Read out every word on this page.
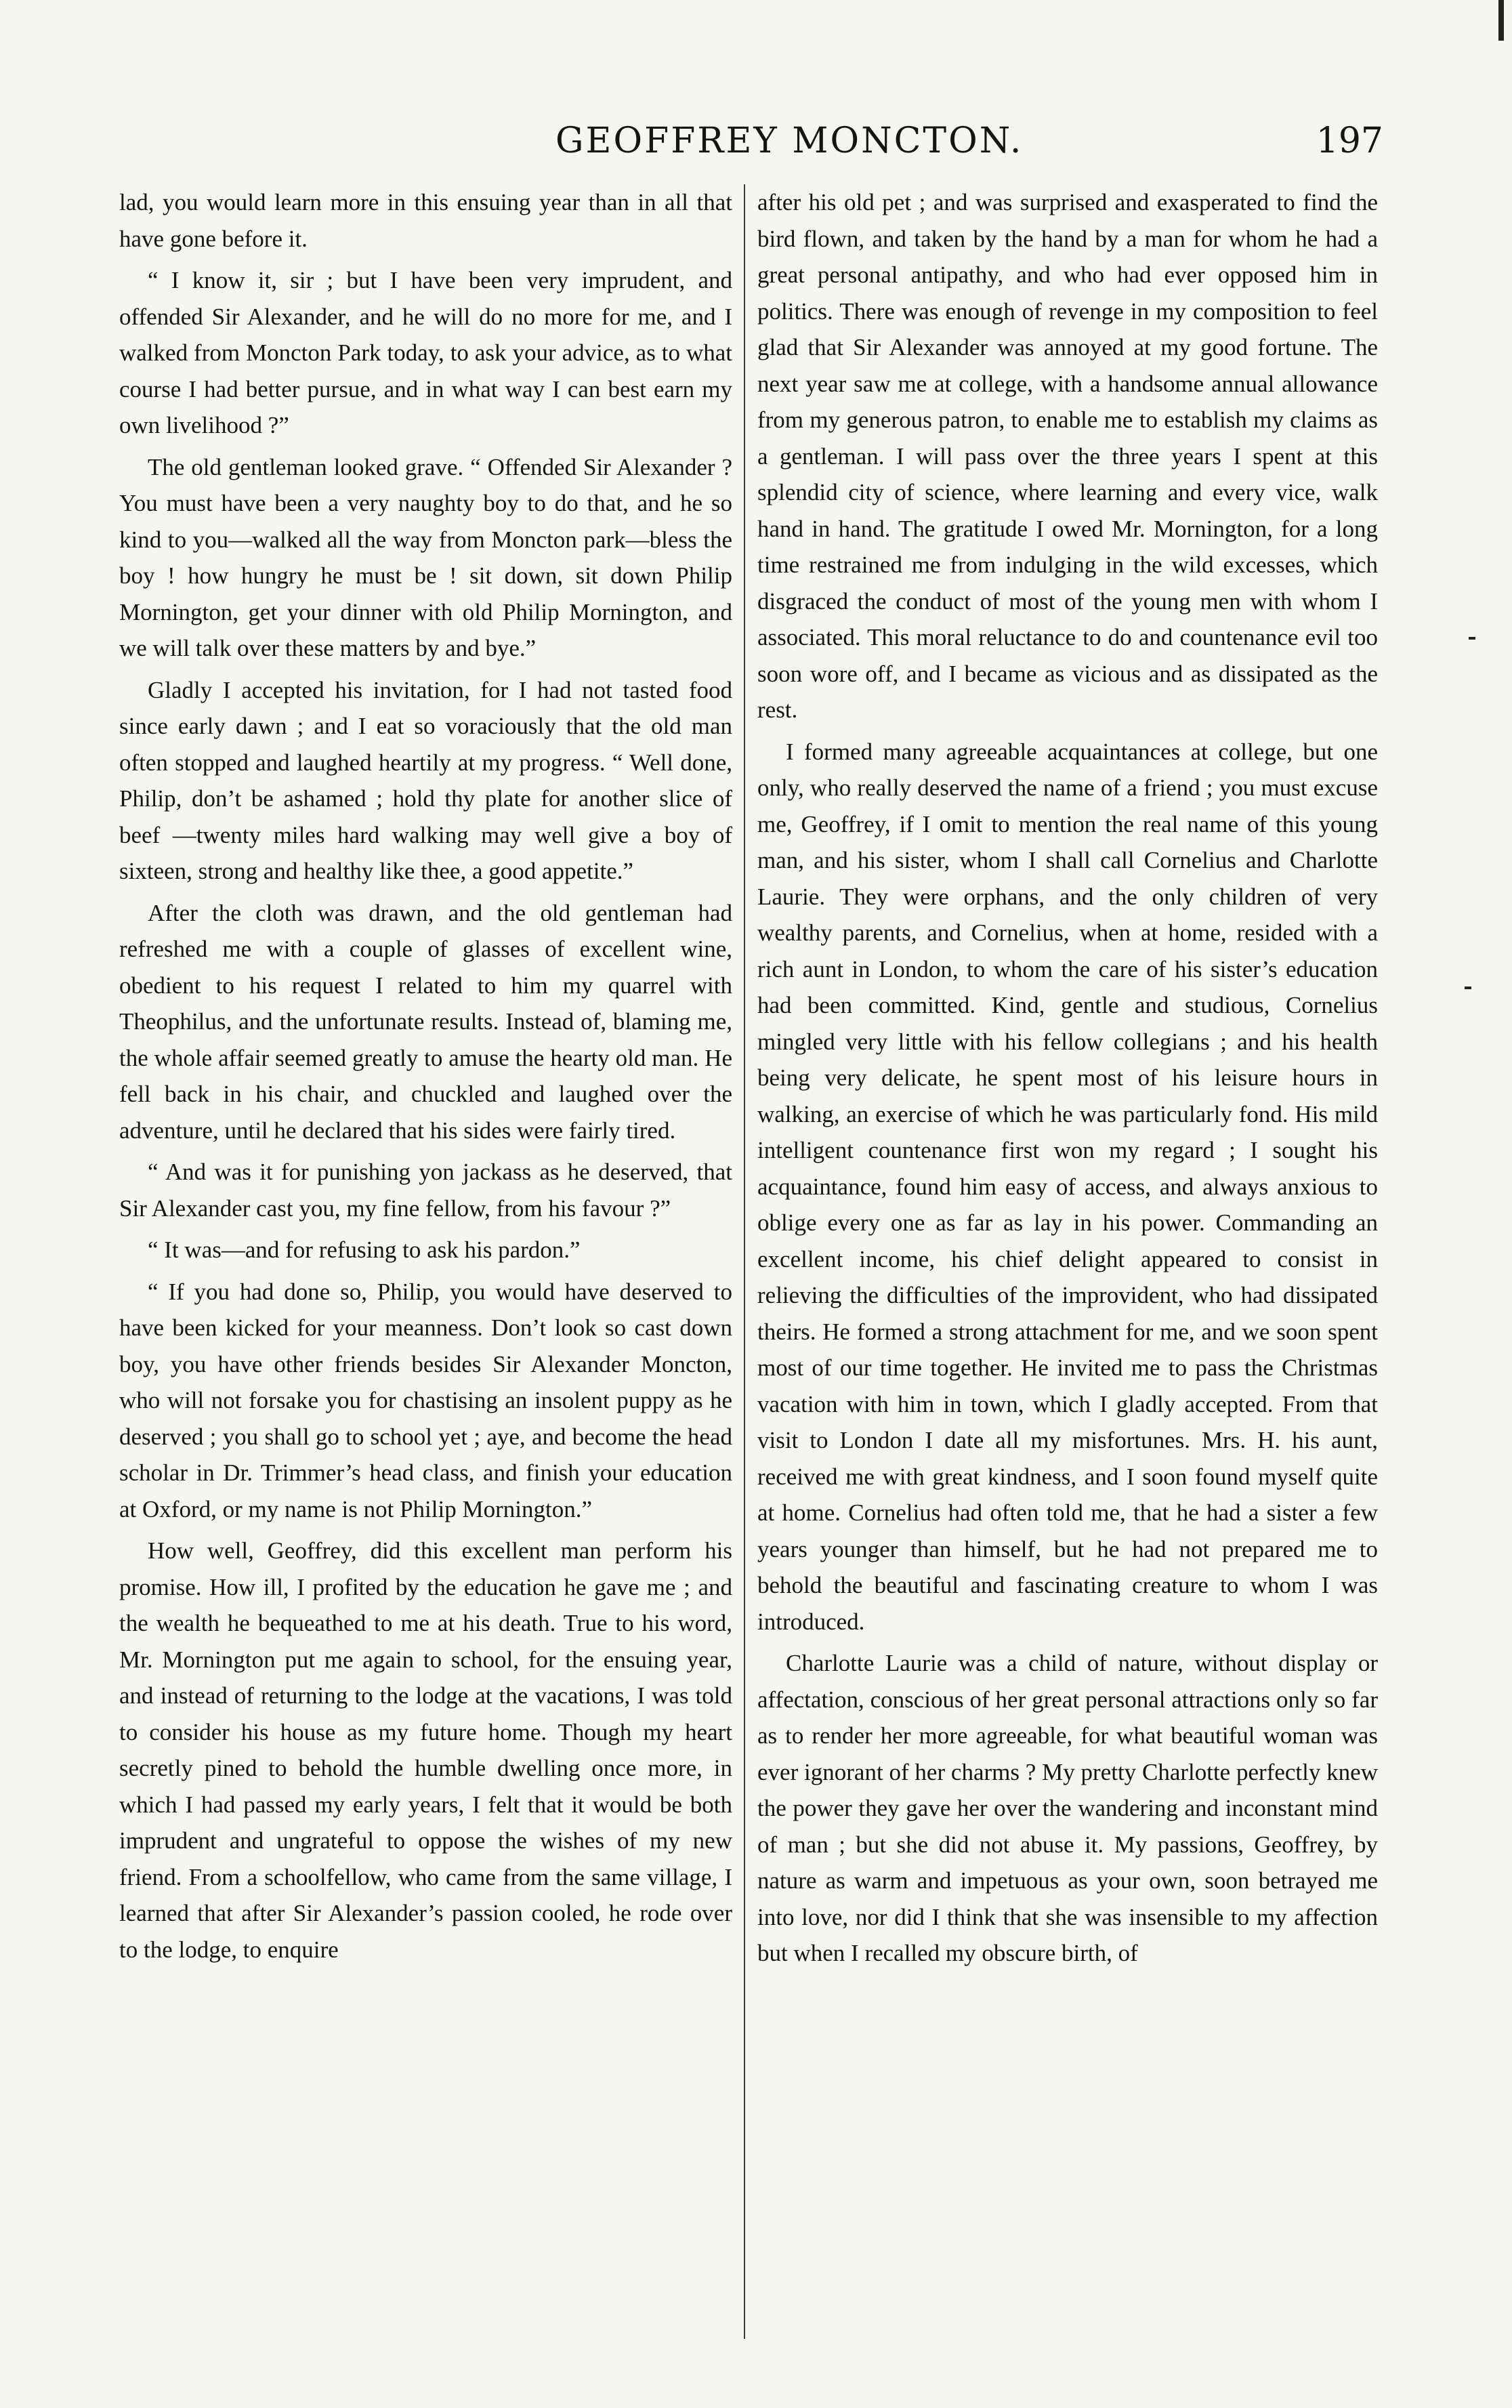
GEOFFREY MONCTON.	197

lad, you would learn more in this ensuing year than in all that have gone before it.

“ I know it, sir ; but I have been very imprudent, and offended Sir Alexander, and he will do no more for me, and I walked from Moncton Park today, to ask your advice, as to what course I had better pursue, and in what way I can best earn my own livelihood ?”

The old gentleman looked grave. “ Offended Sir Alexander ? You must have been a very naughty boy to do that, and he so kind to you—walked all the way from Moncton park—bless the boy ! how hungry he must be ! sit down, sit down Philip Mornington, get your dinner with old Philip Mornington, and we will talk over these matters by and bye.”

Gladly I accepted his invitation, for I had not tasted food since early dawn ; and I eat so voraciously that the old man often stopped and laughed heartily at my progress. “ Well done, Philip, don’t be ashamed ; hold thy plate for another slice of beef —twenty miles hard walking may well give a boy of sixteen, strong and healthy like thee, a good appetite.”

After the cloth was drawn, and the old gentleman had refreshed me with a couple of glasses of excellent wine, obedient to his request I related to him my quarrel with Theophilus, and the unfortunate results. Instead of, blaming me, the whole affair seemed greatly to amuse the hearty old man. He fell back in his chair, and chuckled and laughed over the adventure, until he declared that his sides were fairly tired.

“ And was it for punishing yon jackass as he deserved, that Sir Alexander cast you, my fine fellow, from his favour ?”

“ It was—and for refusing to ask his pardon.”

“ If you had done so, Philip, you would have deserved to have been kicked for your meanness. Don’t look so cast down boy, you have other friends besides Sir Alexander Moncton, who will not forsake you for chastising an insolent puppy as he deserved ; you shall go to school yet ; aye, and become the head scholar in Dr. Trimmer’s head class, and finish your education at Oxford, or my name is not Philip Mornington.”

How well, Geoffrey, did this excellent man perform his promise. How ill, I profited by the education he gave me ; and the wealth he bequeathed to me at his death. True to his word, Mr. Mornington put me again to school, for the ensuing year, and instead of returning to the lodge at the vacations, I was told to consider his house as my future home. Though my heart secretly pined to behold the humble dwelling once more, in which I had passed my early years, I felt that it would be both imprudent and ungrateful to oppose the wishes of my new friend. From a schoolfellow, who came from the same village, I learned that after Sir Alexander’s passion cooled, he rode over to the lodge, to enquire

after his old pet ; and was surprised and exasperated to find the bird flown, and taken by the hand by a man for whom he had a great personal antipathy, and who had ever opposed him in politics. There was enough of revenge in my composition to feel glad that Sir Alexander was annoyed at my good fortune. The next year saw me at college, with a handsome annual allowance from my generous patron, to enable me to establish my claims as a gentleman. I will pass over the three years I spent at this splendid city of science, where learning and every vice, walk hand in hand. The gratitude I owed Mr. Mornington, for a long time restrained me from indulging in the wild excesses, which disgraced the conduct of most of the young men with whom I associated. This moral reluctance to do and countenance evil too soon wore off, and I became as vicious and as dissipated as the rest.

I formed many agreeable acquaintances at college, but one only, who really deserved the name of a friend ; you must excuse me, Geoffrey, if I omit to mention the real name of this young man, and his sister, whom I shall call Cornelius and Charlotte Laurie. They were orphans, and the only children of very wealthy parents, and Cornelius, when at home, resided with a rich aunt in London, to whom the care of his sister’s education had been committed. Kind, gentle and studious, Cornelius mingled very little with his fellow collegians ; and his health being very delicate, he spent most of his leisure hours in walking, an exercise of which he was particularly fond. His mild intelligent countenance first won my regard ; I sought his acquaintance, found him easy of access, and always anxious to oblige every one as far as lay in his power. Commanding an excellent income, his chief delight appeared to consist in relieving the difficulties of the improvident, who had dissipated theirs. He formed a strong attachment for me, and we soon spent most of our time together. He invited me to pass the Christmas vacation with him in town, which I gladly accepted. From that visit to London I date all my misfortunes. Mrs. H. his aunt, received me with great kindness, and I soon found myself quite at home. Cornelius had often told me, that he had a sister a few years younger than himself, but he had not prepared me to behold the beautiful and fascinating creature to whom I was introduced.

Charlotte Laurie was a child of nature, without display or affectation, conscious of her great personal attractions only so far as to render her more agreeable, for what beautiful woman was ever ignorant of her charms ? My pretty Charlotte perfectly knew the power they gave her over the wandering and inconstant mind of man ; but she did not abuse it. My passions, Geoffrey, by nature as warm and impetuous as your own, soon betrayed me into love, nor did I think that she was insensible to my affection but when I recalled my obscure birth, of
